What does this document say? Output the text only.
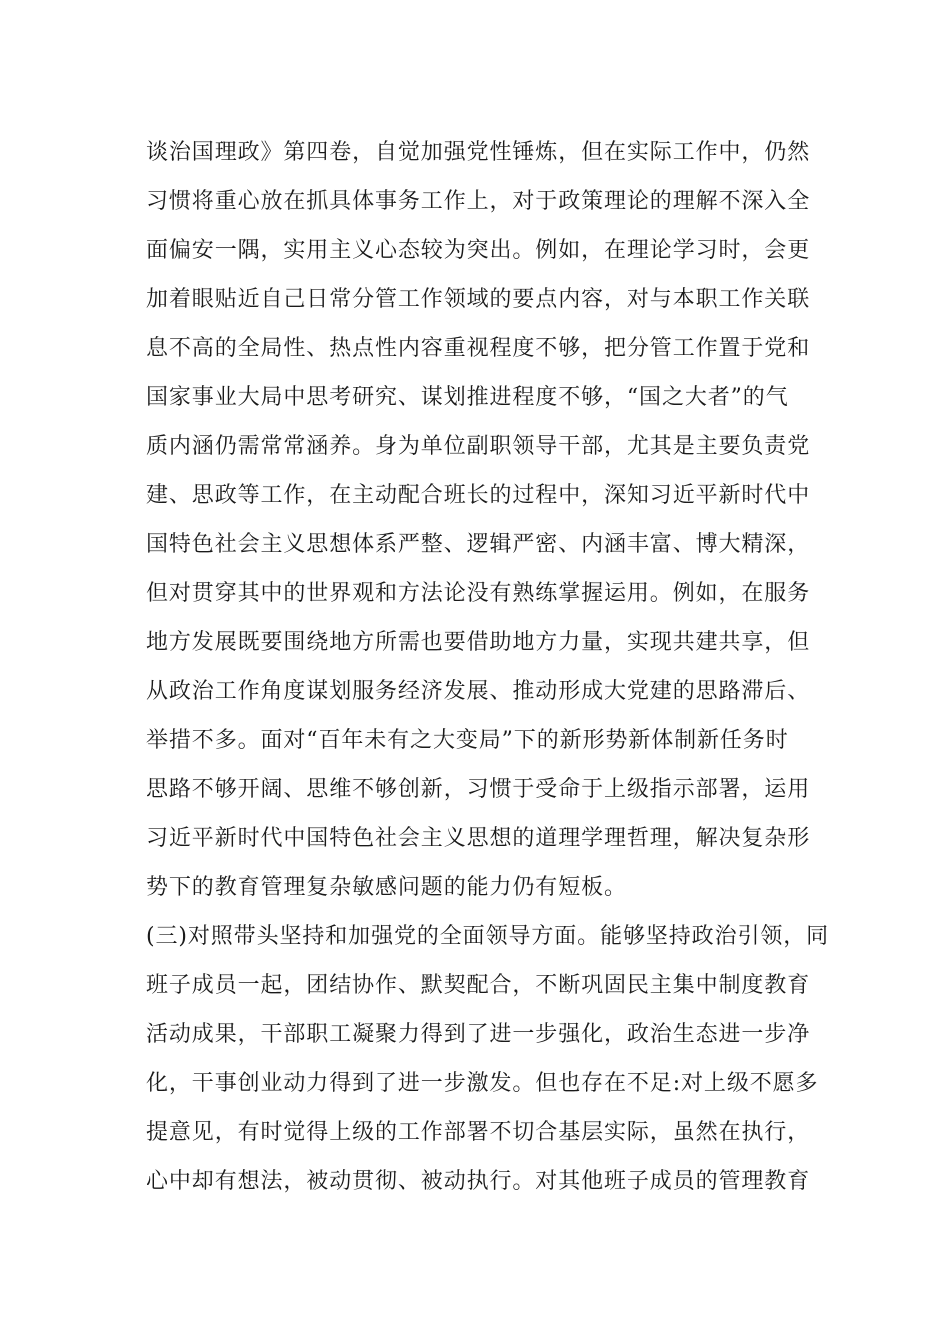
谈治国理政》第四卷，自觉加强党性锤炼，但在实际工作中，仍然
习惯将重心放在抓具体事务工作上，对于政策理论的理解不深入全
面偏安一隅，实用主义心态较为突出。例如，在理论学习时，会更
加着眼贴近自己日常分管工作领域的要点内容，对与本职工作关联
息不高的全局性、热点性内容重视程度不够，把分管工作置于党和
国家事业大局中思考研究、谋划推进程度不够，“国之大者”的气
质内涵仍需常常涵养。身为单位副职领导干部，尤其是主要负责党
建、思政等工作，在主动配合班长的过程中，深知习近平新时代中
国特色社会主义思想体系严整、逻辑严密、内涵丰富、博大精深，
但对贯穿其中的世界观和方法论没有熟练掌握运用。例如，在服务
地方发展既要围绕地方所需也要借助地方力量，实现共建共享，但
从政治工作角度谋划服务经济发展、推动形成大党建的思路滞后、
举措不多。面对“百年未有之大变局”下的新形势新体制新任务时
思路不够开阔、思维不够创新，习惯于受命于上级指示部署，运用
习近平新时代中国特色社会主义思想的道理学理哲理，解决复杂形
势下的教育管理复杂敏感问题的能力仍有短板。
(三)对照带头坚持和加强党的全面领导方面。能够坚持政治引领，同
班子成员一起，团结协作、默契配合，不断巩固民主集中制度教育
活动成果，干部职工凝聚力得到了进一步强化，政治生态进一步净
化，干事创业动力得到了进一步激发。但也存在不足:对上级不愿多
提意见，有时觉得上级的工作部署不切合基层实际，虽然在执行，
心中却有想法，被动贯彻、被动执行。对其他班子成员的管理教育
